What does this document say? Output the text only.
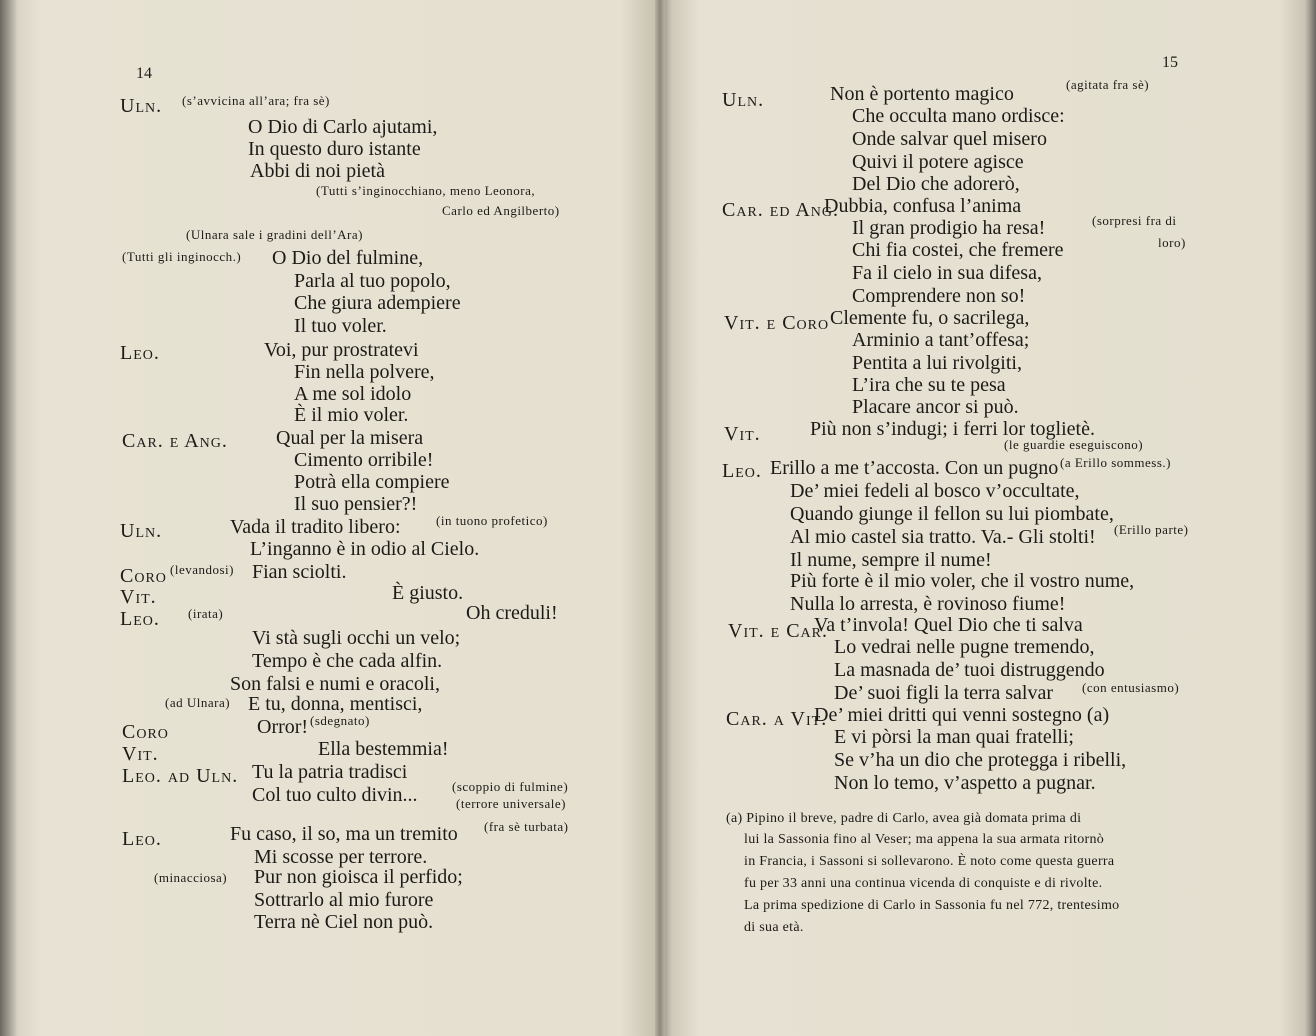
14
Uln. (s’avvicina all’ara; fra sè)
O Dio di Carlo ajutami,
In questo duro istante
Abbi di noi pietà
(Tutti s’inginocchiano, meno Leonora,
Carlo ed Angilberto)
(Ulnara sale i gradini dell’Ara)
(Tutti gli inginocch.) O Dio del fulmine,
Parla al tuo popolo,
Che giura adempiere
Il tuo voler.
Leo.	Voi, pur prostratevi
Fin nella polvere,
A me sol idolo
È il mio voler.
Car. e Ang. Qual per la misera
Cimento orribile!
Potrà ella compiere
Il suo pensier?!
Uln.	Vada il tradito libero:	(in tuono profetico)
L’inganno è in odio al Cielo.
Coro (levandosi) Fian sciolti.
Vit.	È giusto.
Leo. (irata)	Oh creduli!
Vi stà sugli occhi un velo;
Tempo è che cada alfin.
Son falsi e numi e oracoli,
(ad Ulnara) E tu, donna, mentisci,
Coro	Orror! (sdegnato)
Vit.	Ella bestemmia!
Leo. ad Uln. Tu la patria tradisci
Col tuo culto divin...	(scoppio di fulmine)
(terrore universale)
Leo.	Fu caso, il so, ma un tremito (fra sè turbata)
Mi scosse per terrore.
(minacciosa) Pur non gioisca il perfido;
Sottrarlo al mio furore
Terra nè Ciel non può.
15
Uln.	Non è portento magico	(agitata fra sè)
Che occulta mano ordisce:
Onde salvar quel misero
Quivi il potere agisce
Del Dio che adorerò,
Car. ed Ang.
Dubbia, confusa l’anima
Il gran prodigio ha resa!	(sorpresi fra di
loro)
Chi fia costei, che fremere
Fa il cielo in sua difesa,
Comprendere non so!
Vit. e Coro Clemente fu, o sacrilega,
Arminio a tant’offesa;
Pentita a lui rivolgiti,
L’ira che su te pesa
Placare ancor si può.
Vit. Più non s’indugi; i ferri lor toglietè.
(le guardie eseguiscono)
Leo. Erillo a me t’accosta. Con un pugno (a Erillo sommess.)
De’ miei fedeli al bosco v’occultate,
Quando giunge il fellon su lui piombate,
Al mio castel sia tratto. Va.- Gli stolti! (Erillo parte)
Il nume, sempre il nume!
Più forte è il mio voler, che il vostro nume,
Nulla lo arresta, è rovinoso fiume!
Vit. e Car.
Va t’invola! Quel Dio che ti salva
Lo vedrai nelle pugne tremendo,
La masnada de’ tuoi distruggendo
De’ suoi figli la terra salvar (con entusiasmo)
Car. a Vit.
De’ miei dritti qui venni sostegno (a)
E vi pòrsi la man quai fratelli;
Se v’ha un dio che protegga i ribelli,
Non lo temo, v’aspetto a pugnar.
(a) Pipino il breve, padre di Carlo, avea già domata prima di
lui la Sassonia fino al Veser; ma appena la sua armata ritornò
in Francia, i Sassoni si sollevarono. È noto come questa guerra
fu per 33 anni una continua vicenda di conquiste e di rivolte.
La prima spedizione di Carlo in Sassonia fu nel 772, trentesimo
di sua età.
